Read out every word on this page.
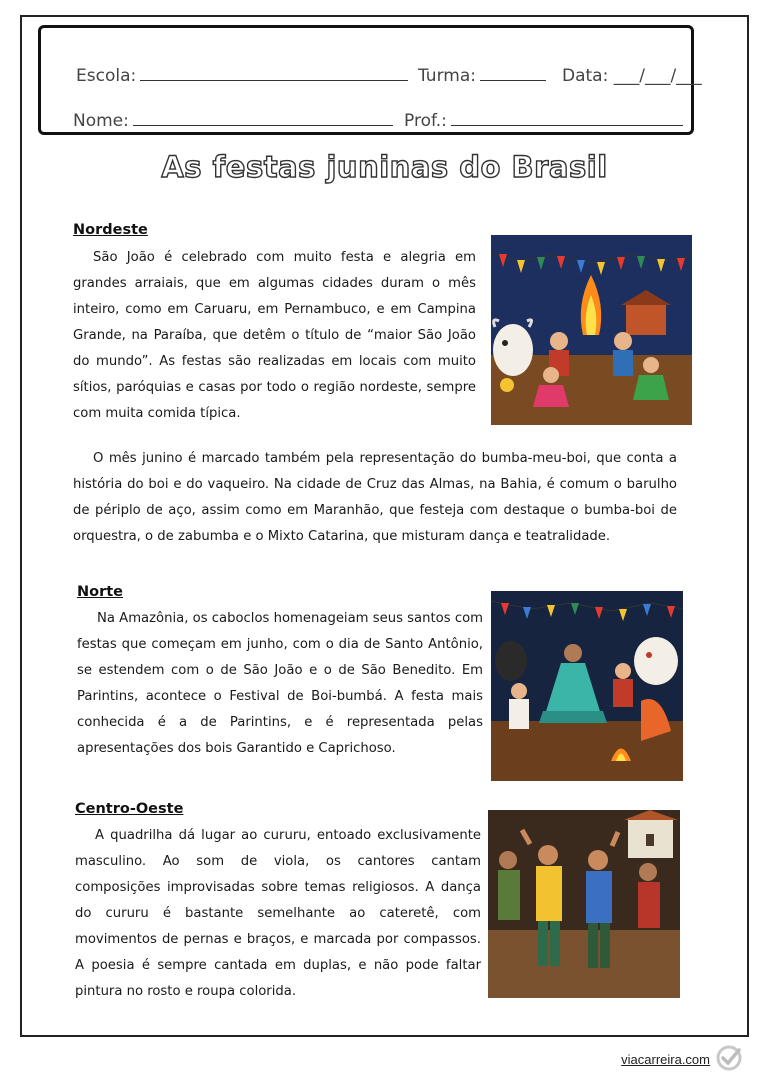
Escola:	Turma:	Data: ___/___/___
Nome:	Prof.:
As festas juninas do Brasil
Nordeste
São João é celebrado com muito festa e alegria em grandes arraiais, que em algumas cidades duram o mês inteiro, como em Caruaru, em Pernambuco, e em Campina Grande, na Paraíba, que detêm o título de “maior São João do mundo”. As festas são realizadas em locais com muito sítios, paróquias e casas por todo o região nordeste, sempre com muita comida típica.
O mês junino é marcado também pela representação do bumba-meu-boi, que conta a história do boi e do vaqueiro. Na cidade de Cruz das Almas, na Bahia, é comum o barulho de périplo de aço, assim como em Maranhão, que festeja com destaque o bumba-boi de orquestra, o de zabumba e o Mixto Catarina, que misturam dança e teatralidade.
Norte
Na Amazônia, os caboclos homenageiam seus santos com festas que começam em junho, com o dia de Santo Antônio, se estendem com o de São João e o de São Benedito. Em Parintins, acontece o Festival de Boi-bumbá. A festa mais conhecida é a de Parintins, e é representada pelas apresentações dos bois Garantido e Caprichoso.
Centro-Oeste
A quadrilha dá lugar ao cururu, entoado exclusivamente masculino. Ao som de viola, os cantores cantam composições improvisadas sobre temas religiosos. A dança do cururu é bastante semelhante ao cateretê, com movimentos de pernas e braços, e marcada por compassos. A poesia é sempre cantada em duplas, e não pode faltar pintura no rosto e roupa colorida.
viacarreira.com
